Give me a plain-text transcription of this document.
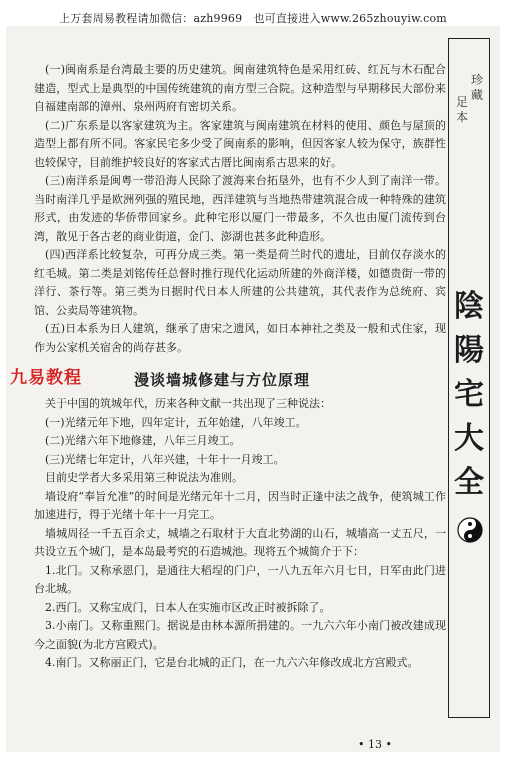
上万套周易教程请加微信：azh9969　也可直接进入www.265zhouyiw.com

(一)闽南系是台湾最主要的历史建筑。闽南建筑特色是采用红砖、红瓦与木石配合建造，型式上是典型的中国传统建筑的南方型三合院。这种造型与早期移民大部份来自福建南部的漳州、泉州两府有密切关系。

(二)广东系是以客家建筑为主。客家建筑与闽南建筑在材料的使用、颜色与屋顶的造型上都有所不同。客家民宅多少受了闽南系的影响，但因客家人较为保守，族群性也较保守，目前维护较良好的客家式古厝比闽南系古思来的好。

(三)南洋系是闽粤一带沿海人民除了渡海来台拓垦外，也有不少人到了南洋一带。当时南洋几乎是欧洲列强的殖民地，西洋建筑与当地热带建筑混合成一种特殊的建筑形式，由发迹的华侨带回家乡。此种宅形以厦门一带最多，不久也由厦门流传到台湾，散见于各古老的商业街道，金门、澎湖也甚多此种造形。

(四)西洋系比较复杂，可再分成三类。第一类是荷兰时代的遗址，目前仅存淡水的红毛城。第二类是刘铭传任总督时推行现代化运动所建的外商洋楼，如德贵街一带的洋行、茶行等。第三类为日据时代日本人所建的公共建筑，其代表作为总统府、宾馆、公卖局等建筑物。

(五)日本系为日人建筑，继承了唐宋之遗风，如日本神社之类及一般和式住家，现作为公家机关宿舍的尚存甚多。

九易教程	漫谈墙城修建与方位原理

关于中国的筑城年代，历来各种文献一共出现了三种说法：

(一)光绪元年下地，四年定计，五年始建，八年竣工。

(二)光绪六年下地修建，八年三月竣工。

(三)光绪七年定计，八年兴建，十年十一月竣工。

目前史学者大多采用第三种说法为准则。

墙设府“奉旨允准”的时间是光绪元年十二月，因当时正逢中法之战争，使筑城工作加速进行，得于光绪十年十一月完工。

墙城周径一千五百余丈，城墙之石取材于大直北势湖的山石，城墙高一丈五尺，一共设立五个城门，是本岛最考究的石造城池。现将五个城简介于下：

1.北门。又称承恩门，是通往大稻埕的门户，一八九五年六月七日，日军由此门进台北城。

2.西门。又称宝成门，日本人在实施市区改正时被拆除了。

3.小南门。又称重熙门。据说是由林本源所捐建的。一九六六年小南门被改建成现今之面貌(为北方宫殿式)。

4.南门。又称丽正门，它是台北城的正门，在一九六六年修改成北方宫殿式。

• 13 •
足本
珍藏
陰
陽
宅
大
全
